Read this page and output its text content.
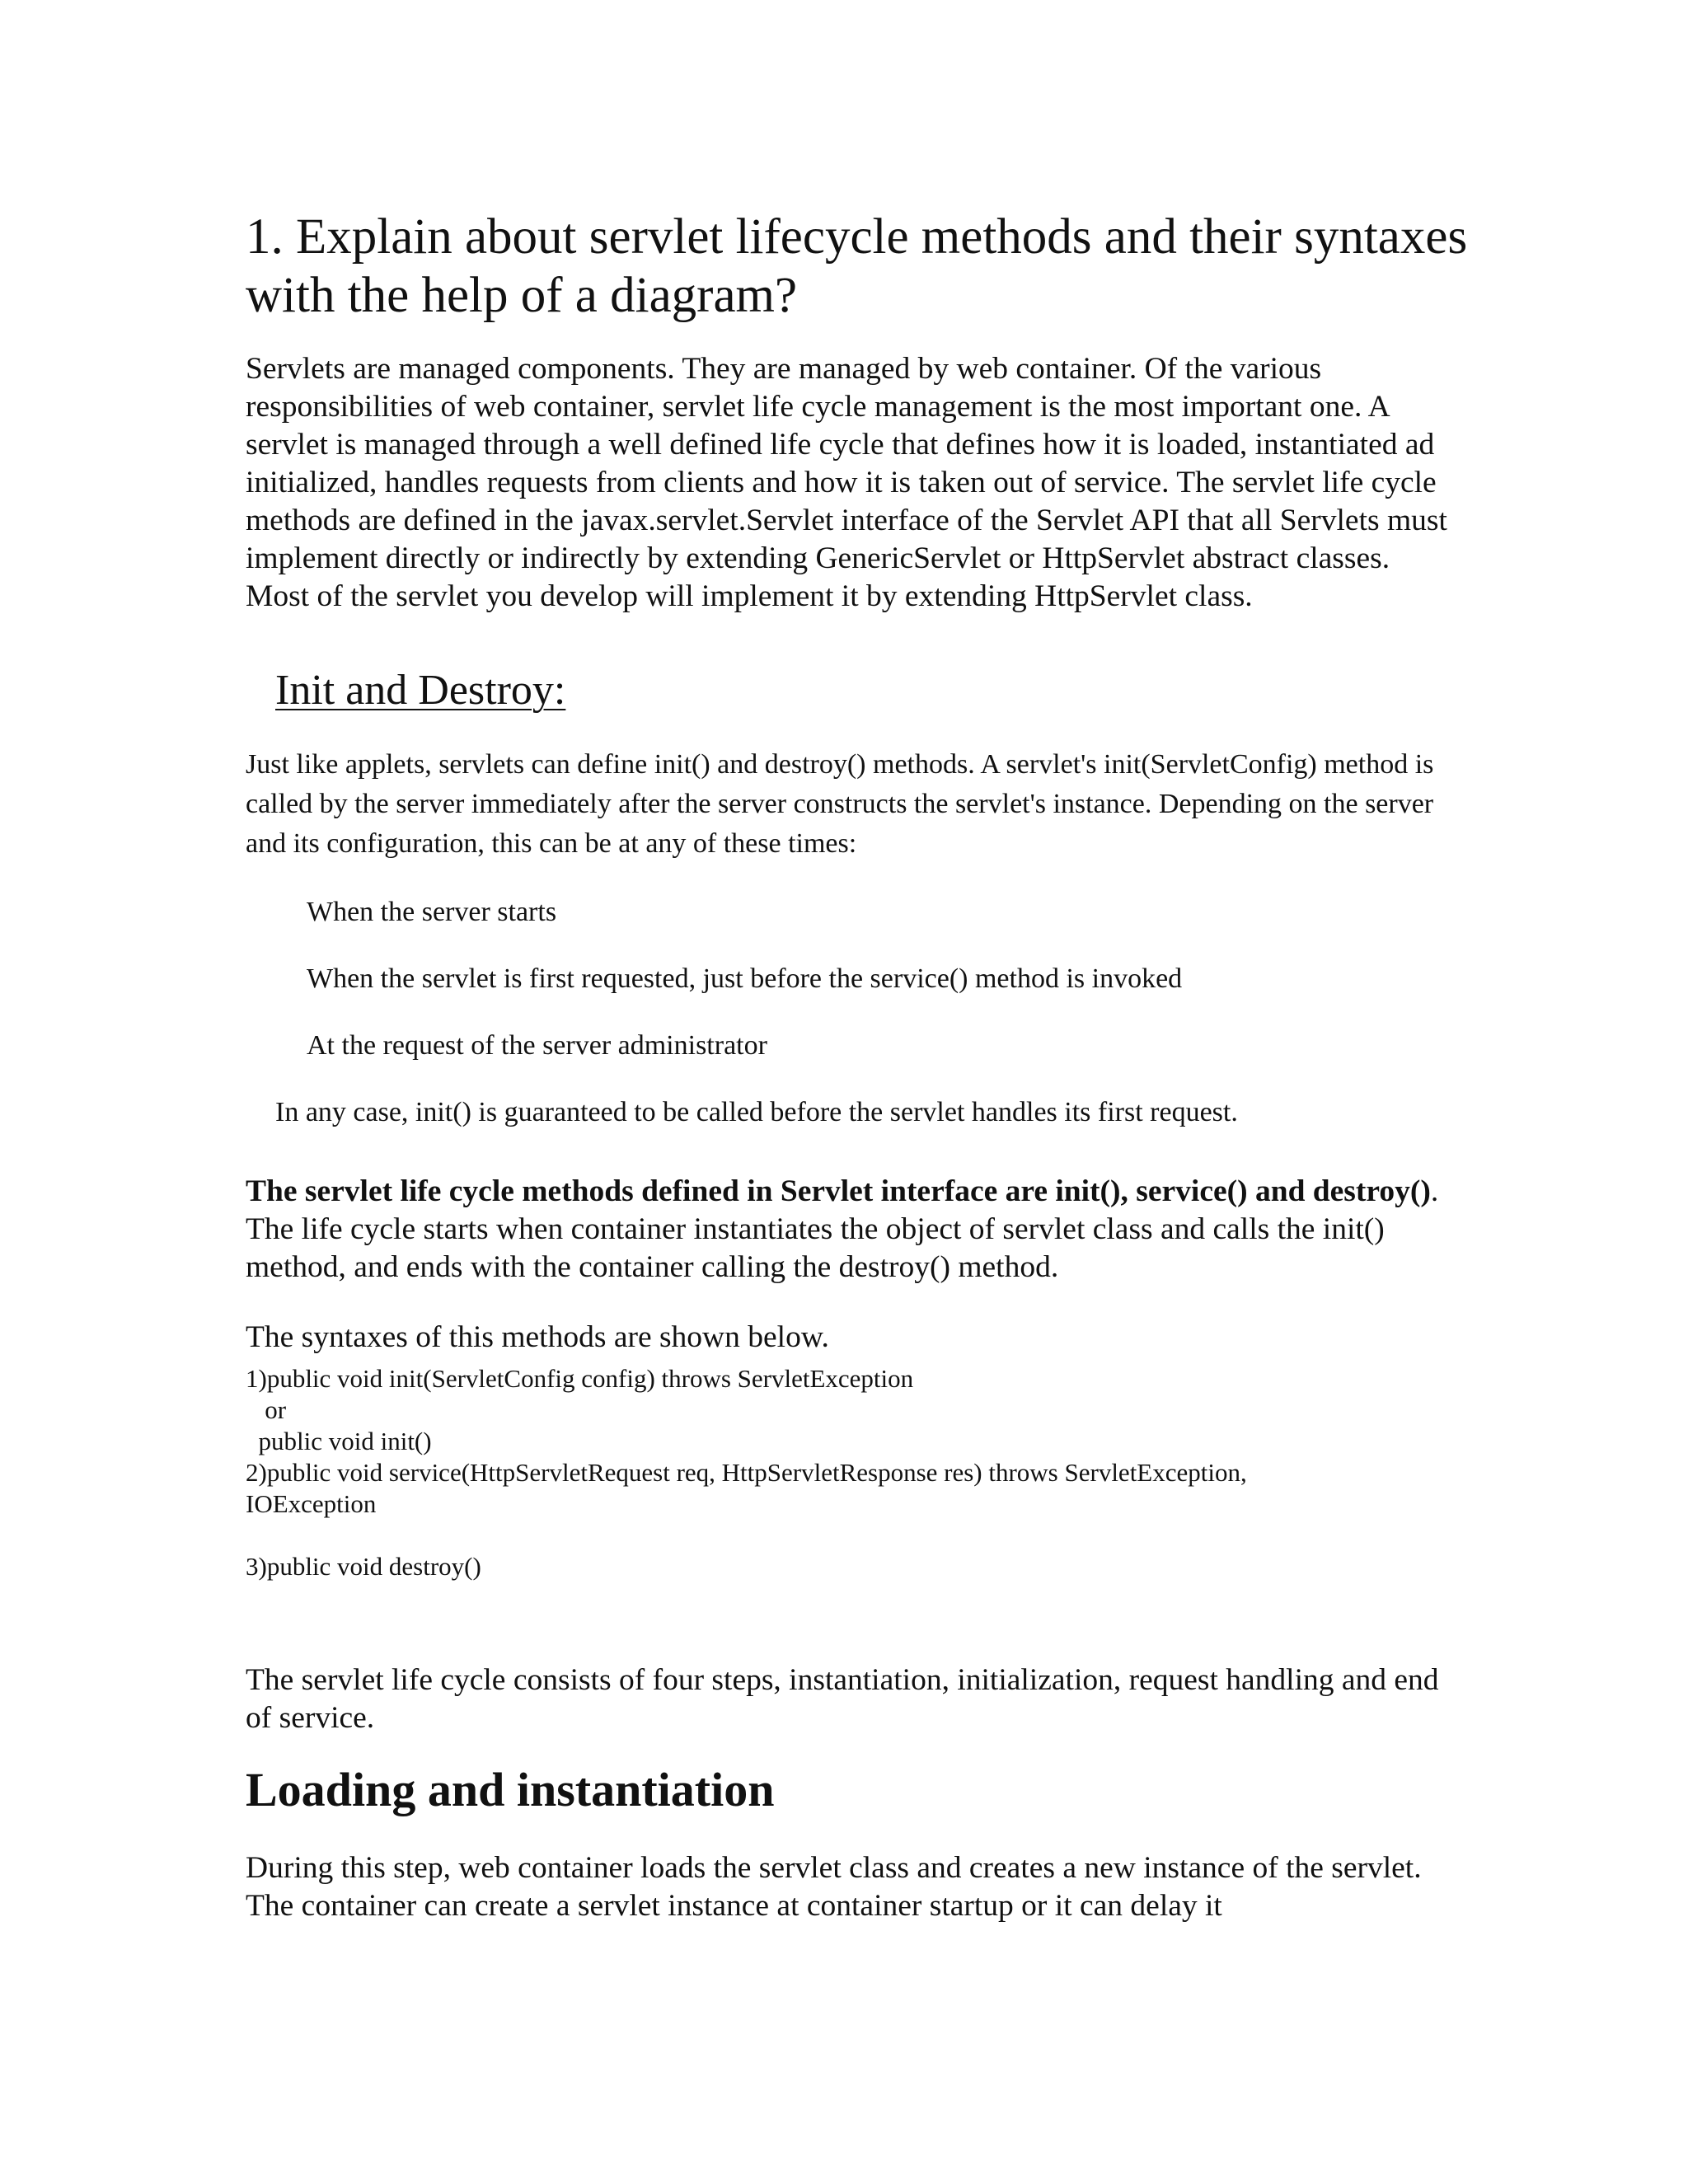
1. Explain about servlet lifecycle methods and their syntaxes with the help of a diagram?

Servlets are managed components. They are managed by web container. Of the various responsibilities of web container, servlet life cycle management is the most important one. A servlet is managed through a well defined life cycle that defines how it is loaded, instantiated ad initialized, handles requests from clients and how it is taken out of service. The servlet life cycle methods are defined in the javax.servlet.Servlet interface of the Servlet API that all Servlets must implement directly or indirectly by extending GenericServlet or HttpServlet abstract classes. Most of the servlet you develop will implement it by extending HttpServlet class.

Init and Destroy:

Just like applets, servlets can define init() and destroy() methods. A servlet's init(ServletConfig) method is called by the server immediately after the server constructs the servlet's instance. Depending on the server and its configuration, this can be at any of these times:

When the server starts
When the servlet is first requested, just before the service() method is invoked
At the request of the server administrator
In any case, init() is guaranteed to be called before the servlet handles its first request.

The servlet life cycle methods defined in Servlet interface are init(), service() and destroy(). The life cycle starts when container instantiates the object of servlet class and calls the init() method, and ends with the container calling the destroy() method.

The syntaxes of this methods are shown below.
1)public void init(ServletConfig config) throws ServletException
or
public void init()
2)public void service(HttpServletRequest req, HttpServletResponse res) throws ServletException,
IOException
3)public void destroy()

The servlet life cycle consists of four steps, instantiation, initialization, request handling and end of service.

Loading and instantiation

During this step, web container loads the servlet class and creates a new instance of the servlet. The container can create a servlet instance at container startup or it can delay it
